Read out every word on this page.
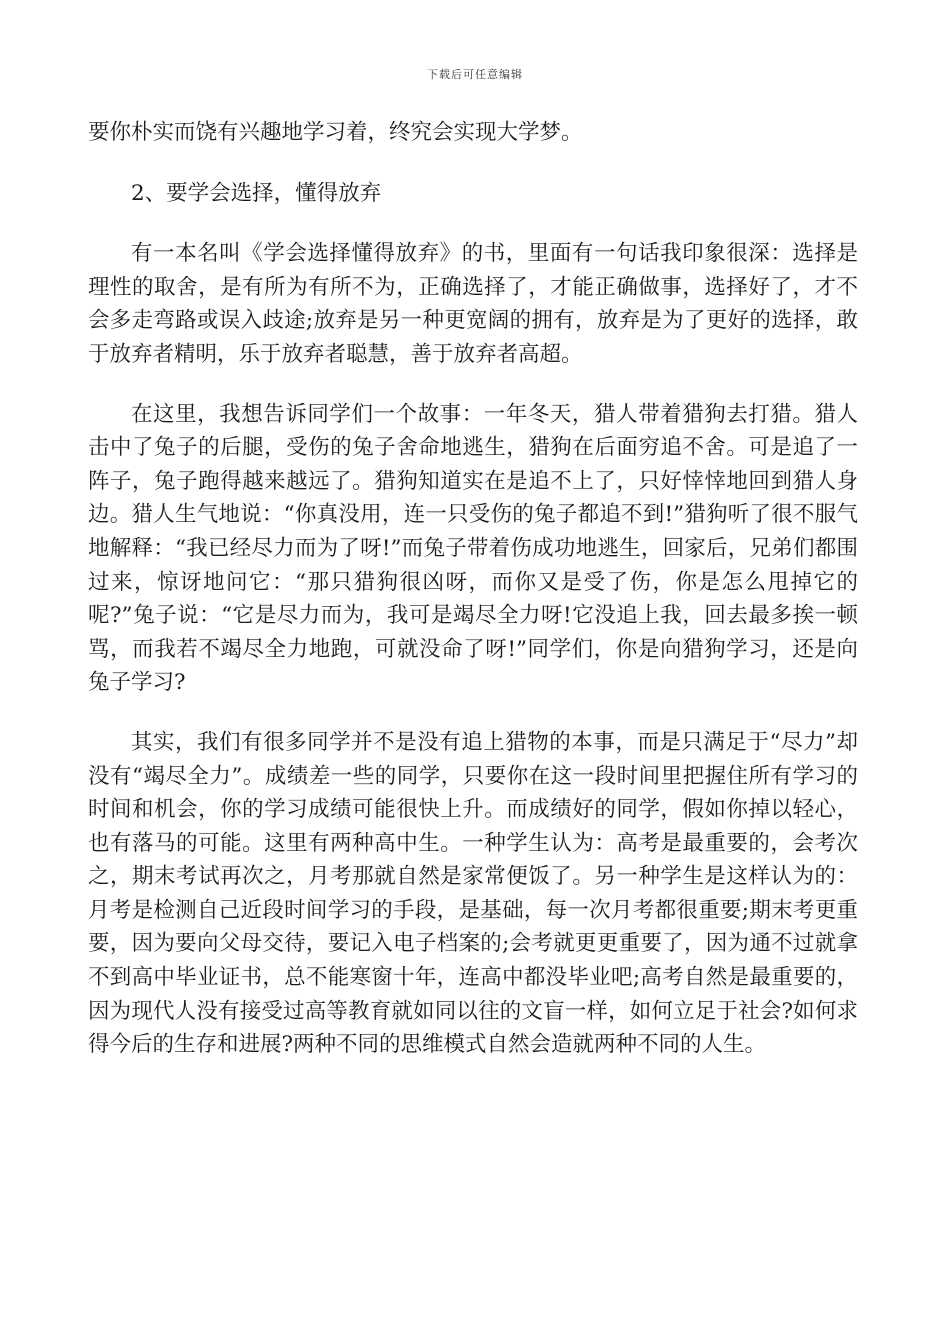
下载后可任意编辑

要你朴实而饶有兴趣地学习着，终究会实现大学梦。

2、要学会选择，懂得放弃

有一本名叫《学会选择懂得放弃》的书，里面有一句话我印象很深：选择是理性的取舍，是有所为有所不为，正确选择了，才能正确做事，选择好了，才不会多走弯路或误入歧途;放弃是另一种更宽阔的拥有，放弃是为了更好的选择，敢于放弃者精明，乐于放弃者聪慧，善于放弃者高超。

在这里，我想告诉同学们一个故事：一年冬天，猎人带着猎狗去打猎。猎人击中了兔子的后腿，受伤的兔子舍命地逃生，猎狗在后面穷追不舍。可是追了一阵子，兔子跑得越来越远了。猎狗知道实在是追不上了，只好悻悻地回到猎人身边。猎人生气地说：“你真没用，连一只受伤的兔子都追不到!”猎狗听了很不服气地解释：“我已经尽力而为了呀!”而兔子带着伤成功地逃生，回家后，兄弟们都围过来，惊讶地问它：“那只猎狗很凶呀，而你又是受了伤，你是怎么甩掉它的呢?”兔子说：“它是尽力而为，我可是竭尽全力呀!它没追上我，回去最多挨一顿骂，而我若不竭尽全力地跑，可就没命了呀!”同学们，你是向猎狗学习，还是向兔子学习?

其实，我们有很多同学并不是没有追上猎物的本事，而是只满足于“尽力”却没有“竭尽全力”。成绩差一些的同学，只要你在这一段时间里把握住所有学习的时间和机会，你的学习成绩可能很快上升。而成绩好的同学，假如你掉以轻心，也有落马的可能。这里有两种高中生。一种学生认为：高考是最重要的，会考次之，期末考试再次之，月考那就自然是家常便饭了。另一种学生是这样认为的：月考是检测自己近段时间学习的手段，是基础，每一次月考都很重要;期末考更重要，因为要向父母交待，要记入电子档案的;会考就更更重要了，因为通不过就拿不到高中毕业证书，总不能寒窗十年，连高中都没毕业吧;高考自然是最重要的，因为现代人没有接受过高等教育就如同以往的文盲一样，如何立足于社会?如何求得今后的生存和进展?两种不同的思维模式自然会造就两种不同的人生。
